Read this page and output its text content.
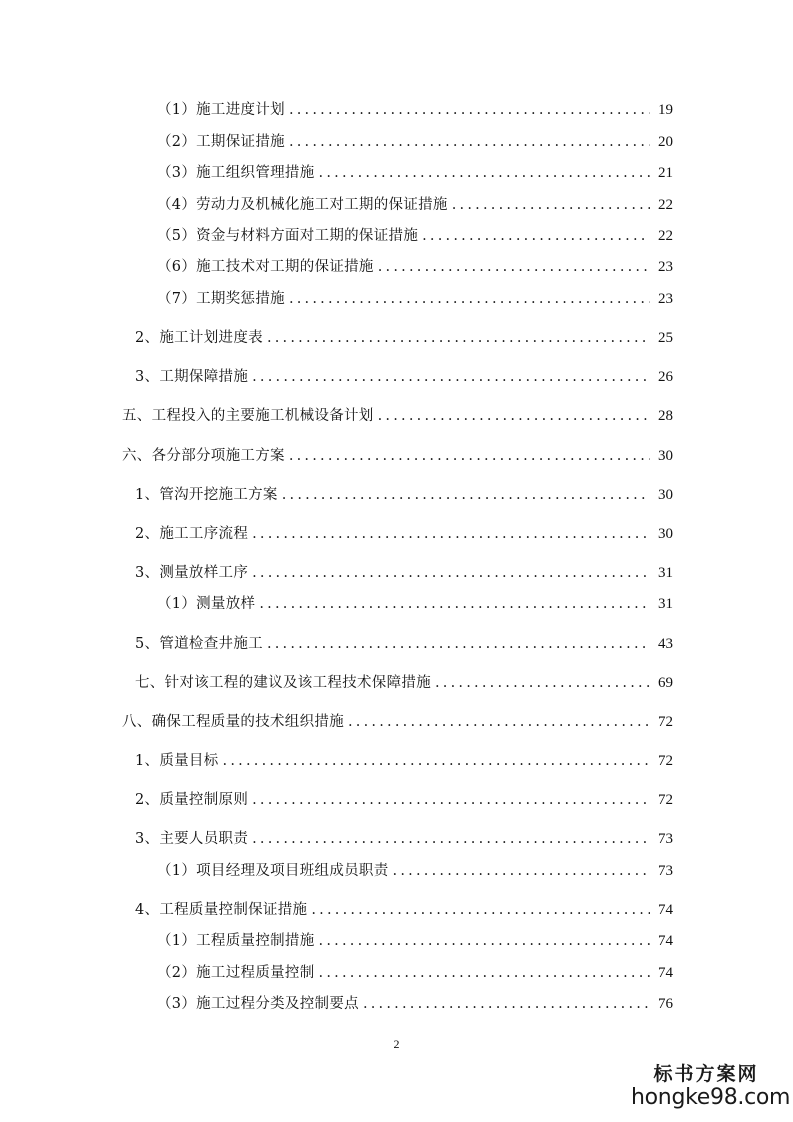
（1）施工进度计划 .....	19
（2）工期保证措施 .....	20
（3）施工组织管理措施 .....	21
（4）劳动力及机械化施工对工期的保证措施 .....	22
（5）资金与材料方面对工期的保证措施 .....	22
（6）施工技术对工期的保证措施 .....	23
（7）工期奖惩措施 .....	23
2、施工计划进度表 .....	25
3、工期保障措施 .....	26
五、工程投入的主要施工机械设备计划 .....	28
六、各分部分项施工方案 .....	30
1、管沟开挖施工方案 .....	30
2、施工工序流程 .....	30
3、测量放样工序 .....	31
（1）测量放样 .....	31
5、管道检查井施工 .....	43
七、针对该工程的建议及该工程技术保障措施 .....	69
八、确保工程质量的技术组织措施 .....	72
1、质量目标 .....	72
2、质量控制原则 .....	72
3、主要人员职责 .....	73
（1）项目经理及项目班组成员职责 .....	73
4、工程质量控制保证措施 .....	74
（1）工程质量控制措施 .....	74
（2）施工过程质量控制 .....	74
（3）施工过程分类及控制要点 .....	76
2
标书方案网
hongke98.com
